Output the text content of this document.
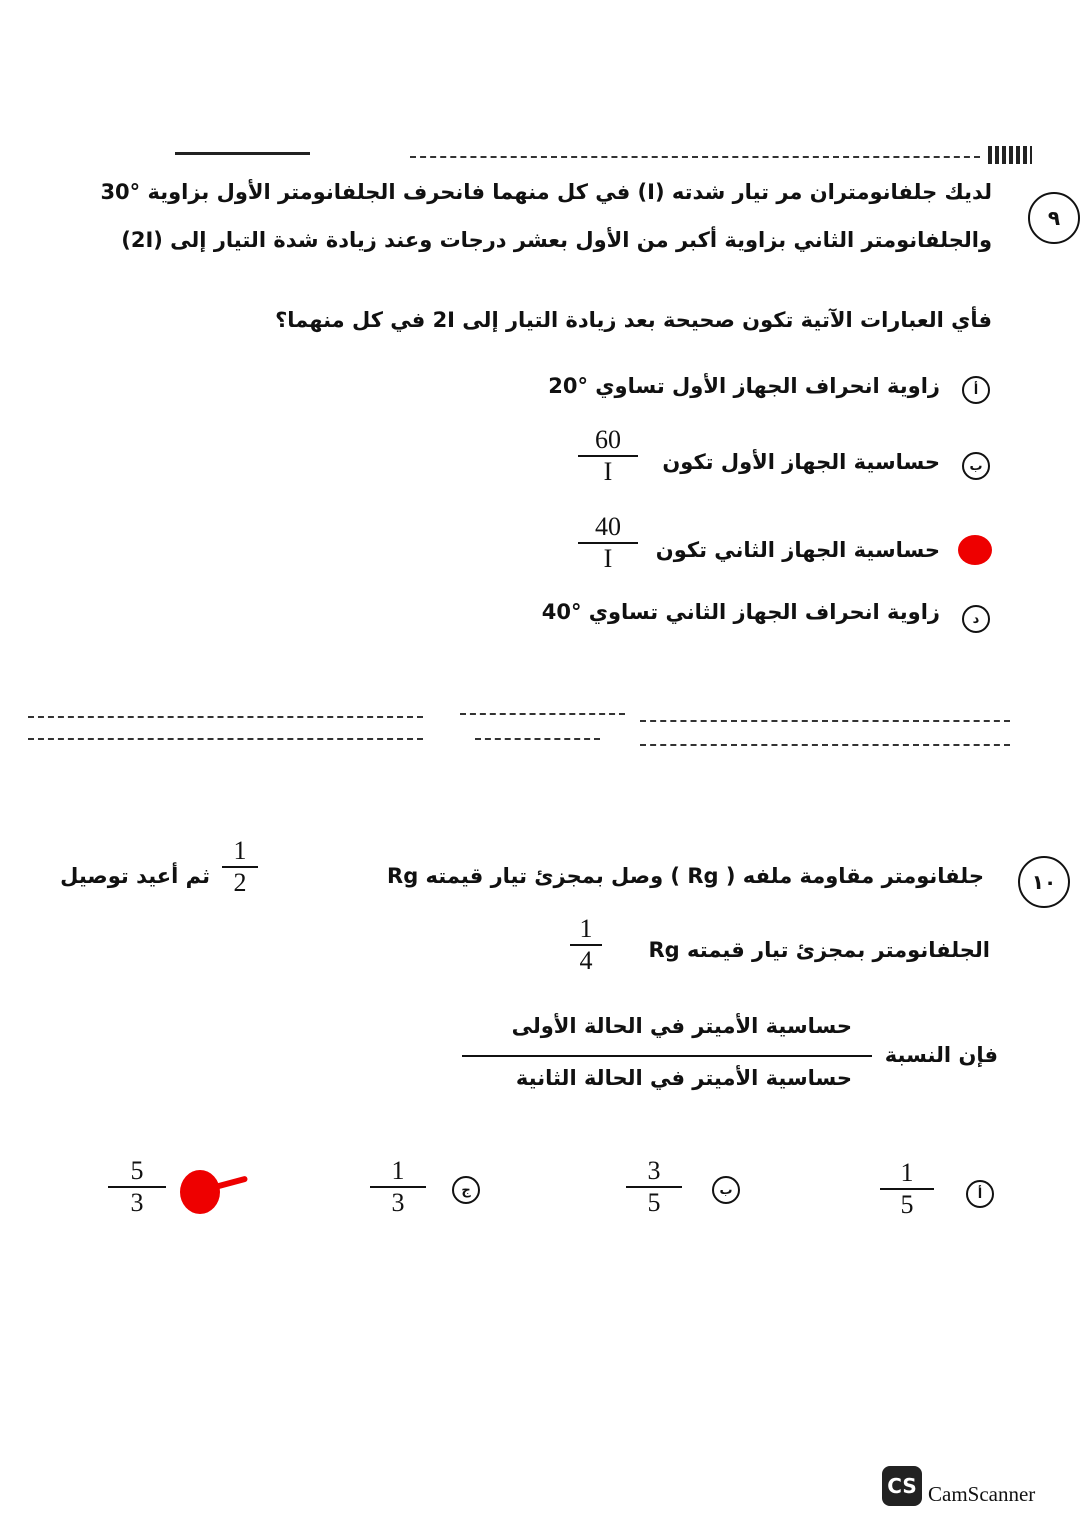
٩
لديك جلفانومتران مر تيار شدته (I) في كل منهما فانحرف الجلفانومتر الأول بزاوية °30
والجلفانومتر الثاني بزاوية أكبر من الأول بعشر درجات وعند زيادة شدة التيار إلى (2I)
فأي العبارات الآتية تكون صحيحة بعد زيادة التيار إلى 2I في كل منهما؟
أ
زاوية انحراف الجهاز الأول تساوي °20
ب
حساسية الجهاز الأول تكون
60
I
حساسية الجهاز الثاني تكون
40
I
د
زاوية انحراف الجهاز الثاني تساوي °40
١٠
جلفانومتر مقاومة ملفه ( Rg ) وصل بمجزئ تيار قيمته Rg
1
2
ثم أعيد توصيل
الجلفانومتر بمجزئ تيار قيمته Rg
1
4
فإن النسبة
حساسية الأميتر في الحالة الأولى
حساسية الأميتر في الحالة الثانية
أ
1
5
ب
3
5
ج
1
3
5
3
CS CamScanner
